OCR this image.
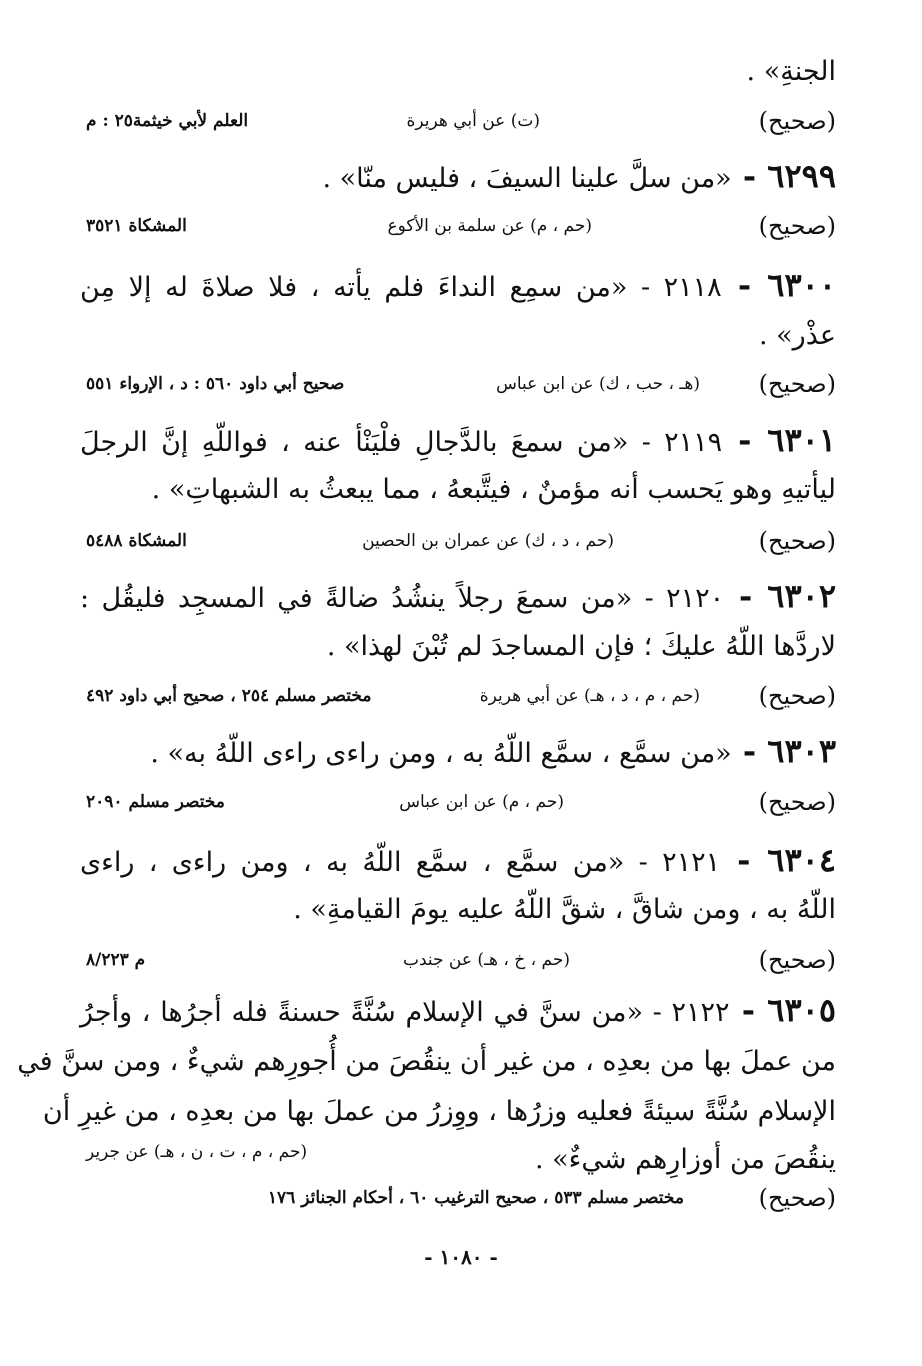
الجنةِ» .
(صحيح)
(ت) عن أبي هريرة
العلم لأبي خيثمة٢٥ : م
٦٢٩٩ - «من سلَّ علينا السيفَ ، فليس منّا» .
(صحيح)
(حم ، م) عن سلمة بن الأكوع
المشكاة ٣٥٢١
٦٣٠٠ - ٢١١٨ - «من سمِع النداءَ فلم يأته ، فلا صلاةَ له إلا مِن
عذْر» .
(صحيح)
(هـ ، حب ، ك) عن ابن عباس
صحيح أبي داود ٥٦٠ : د ، الإرواء ٥٥١
٦٣٠١ - ٢١١٩ - «من سمعَ بالدَّجالِ فلْيَنْأ عنه ، فواللّهِ إنَّ الرجلَ
ليأتيهِ وهو يَحسب أنه مؤمنٌ ، فيتَّبعهُ ، مما يبعثُ به الشبهاتِ» .
(صحيح)
(حم ، د ، ك) عن عمران بن الحصين
المشكاة ٥٤٨٨
٦٣٠٢ - ٢١٢٠ - «من سمعَ رجلاً ينشُدُ ضالةً في المسجِد فليقُل :
لاردَّها اللّهُ عليكَ ؛ فإن المساجدَ لم تُبْنَ لهذا» .
(صحيح)
(حم ، م ، د ، هـ) عن أبي هريرة
مختصر مسلم ٢٥٤ ، صحيح أبي داود ٤٩٢
٦٣٠٣ - «من سمَّع ، سمَّع اللّهُ به ، ومن راءى راءى اللّهُ به» .
(صحيح)
(حم ، م) عن ابن عباس
مختصر مسلم ٢٠٩٠
٦٣٠٤ - ٢١٢١ - «من سمَّع ، سمَّع اللّهُ به ، ومن راءى ، راءى
اللّهُ به ، ومن شاقَّ ، شقَّ اللّهُ عليه يومَ القيامةِ» .
(صحيح)
(حم ، خ ، هـ) عن جندب
م ٨/٢٢٣
٦٣٠٥ - ٢١٢٢ - «من سنَّ في الإسلام سُنَّةً حسنةً فله أجرُها ، وأجرُ
من عملَ بها من بعدِه ، من غير أن ينقُصَ من أُجورِهم شيءٌ ، ومن سنَّ في
الإسلام سُنَّةً سيئةً فعليه وزرُها ، ووِزرُ من عملَ بها من بعدِه ، من غيرِ أن
ينقُصَ من أوزارِهم شيءٌ» .
(حم ، م ، ت ، ن ، هـ) عن جرير
(صحيح)
مختصر مسلم ٥٣٣ ، صحيح الترغيب ٦٠ ، أحكام الجنائز ١٧٦
- ١٠٨٠ -
